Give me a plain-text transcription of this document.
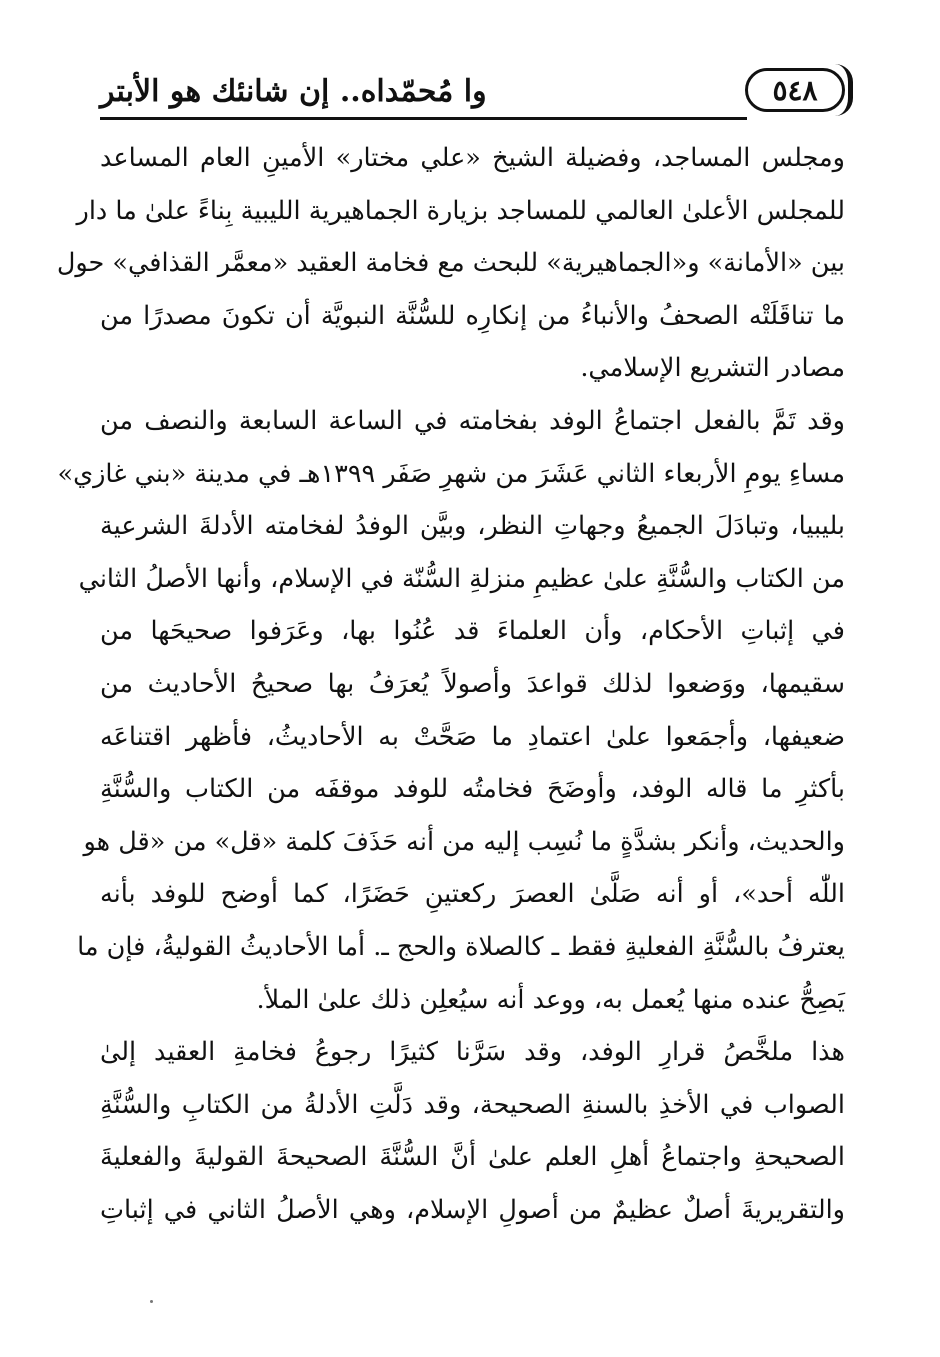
٥٤٨
وا مُحمّداه.. إن شانئك هو الأبتر
ومجلس المساجد، وفضيلة الشيخ «علي مختار» الأمينِ العام المساعد
للمجلس الأعلىٰ العالمي للمساجد بزيارة الجماهيرية الليبية بِناءً علىٰ ما دار
بين «الأمانة» و«الجماهيرية» للبحث مع فخامة العقيد «معمَّر القذافي» حول
ما تناقَلَتْه الصحفُ والأنباءُ من إنكارِه للسُّنَّة النبويَّة أن تكونَ مصدرًا من
مصادر التشريع الإسلامي.
وقد تَمَّ بالفعل اجتماعُ الوفد بفخامته في الساعة السابعة والنصف من
مساءِ يومِ الأربعاء الثاني عَشَرَ من شهرِ صَفَر ١٣٩٩هـ في مدينة «بني غازي»
بليبيا، وتبادَلَ الجميعُ وجهاتِ النظر، وبيَّن الوفدُ لفخامته الأدلةَ الشرعية
من الكتاب والسُّنَّةِ علىٰ عظيمِ منزلةِ السُّنّة في الإسلام، وأنها الأصلُ الثاني
في إثباتِ الأحكام، وأن العلماءَ قد عُنُوا بها، وعَرَفوا صحيحَها من
سقيمها، ووَضعوا لذلك قواعدَ وأصولاً يُعرَفُ بها صحيحُ الأحاديث من
ضعيفها، وأجمَعوا علىٰ اعتمادِ ما صَحَّتْ به الأحاديثُ، فأظهر اقتناعَه
بأكثرِ ما قاله الوفد، وأوضَحَ فخامتُه للوفد موقفَه من الكتاب والسُّنَّةِ
والحديث، وأنكر بشدَّةٍ ما نُسِب إليه من أنه حَذَفَ كلمة «قل» من «قل هو
اللّٰه أحد»، أو أنه صَلَّىٰ العصرَ ركعتينِ حَضَرًا، كما أوضح للوفد بأنه
يعترفُ بالسُّنَّةِ الفعليةِ فقط ـ كالصلاة والحج ـ. أما الأحاديثُ القوليةُ، فإن ما
يَصِحُّ عنده منها يُعمل به، ووعد أنه سيُعلِن ذلك علىٰ الملأ.
هذا ملخَّصُ قرارِ الوفد، وقد سَرَّنا كثيرًا رجوعُ فخامةِ العقيد إلىٰ
الصواب في الأخذِ بالسنةِ الصحيحة، وقد دَلَّتِ الأدلةُ من الكتابِ والسُّنَّةِ
الصحيحةِ واجتماعُ أهلِ العلم علىٰ أنَّ السُّنَّةَ الصحيحةَ القوليةَ والفعليةَ
والتقريريةَ أصلٌ عظيمٌ من أصولِ الإسلام، وهي الأصلُ الثاني في إثباتِ
